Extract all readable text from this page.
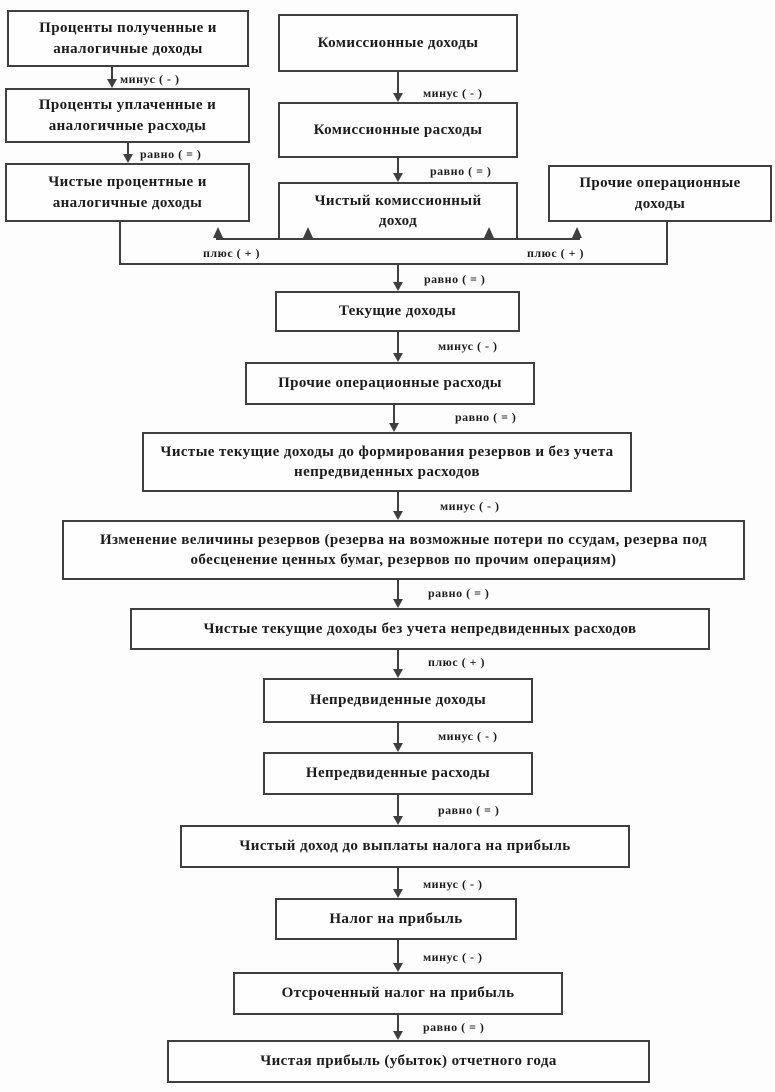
Проценты полученные и аналогичные доходы	Комиссионные доходы
Проценты уплаченные и аналогичные расходы	Комиссионные расходы
Чистые процентные и аналогичные доходы	Чистый комиссионный доход
Прочие операционные доходы
Текущие доходы
Прочие операционные расходы
Чистые текущие доходы до формирования резервов и без учета непредвиденных расходов
Изменение величины резервов (резерва на возможные потери по ссудам, резерва под обесценение ценных бумаг, резервов по прочим операциям)
Чистые текущие доходы без учета непредвиденных расходов
Непредвиденные доходы
Непредвиденные расходы
Чистый доход до выплаты налога на прибыль
Налог на прибыль
Отсроченный налог на прибыль
Чистая прибыль (убыток) отчетного года
минус ( - )
минус ( - )
равно ( = )
равно ( = )
плюс ( + )	плюс ( + )
равно ( = )
минус ( - )
равно ( = )
минус ( - )
равно ( = )
плюс ( + )
минус ( - )
равно ( = )
минус ( - )
минус ( - )
равно ( = )
